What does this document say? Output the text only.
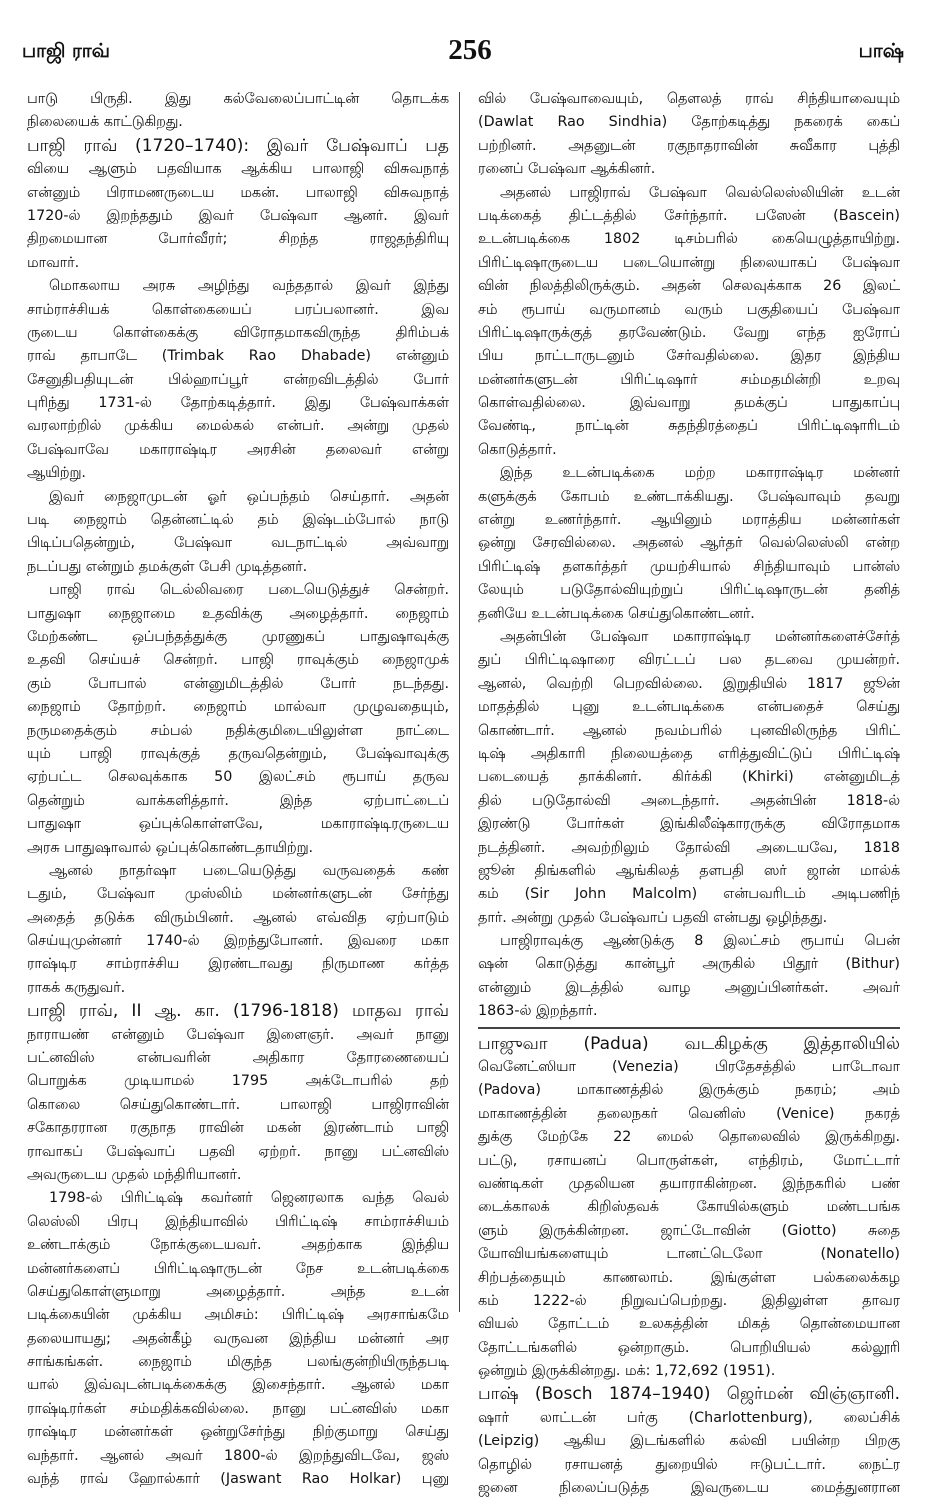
பாஜி ராவ்	256	பாஷ்
பாடு பிருதி. இது கல்வேலைப்பாட்டின் தொடக்க
நிலையைக் காட்டுகிறது.
பாஜி ராவ் (1720–1740): இவர் பேஷ்வாப் பத
வியை ஆளும் பதவியாக ஆக்கிய பாலாஜி விசுவநாத்
என்னும் பிராமணருடைய மகன். பாலாஜி விசுவநாத்
1720-ல் இறந்ததும் இவர் பேஷ்வா ஆனர். இவர்
திறமையான போர்வீரர்; சிறந்த ராஜதந்திரியு
மாவார்.
மொகலாய அரசு அழிந்து வந்ததால் இவர் இந்து
சாம்ராச்சியக் கொள்கையைப் பரப்பலானர். இவ
ருடைய கொள்கைக்கு விரோதமாகவிருந்த திரிம்பக்
ராவ் தாபாடே (Trimbak Rao Dhabade) என்னும்
சேனுதிபதியுடன் பில்ஹாப்பூர் என்றவிடத்தில் போர்
புரிந்து 1731-ல் தோற்கடித்தார். இது பேஷ்வாக்கள்
வரலாற்றில் முக்கிய மைல்கல் என்பர். அன்று முதல்
பேஷ்வாவே மகாராஷ்டிர அரசின் தலைவர் என்று
ஆயிற்று.
இவர் நைஜாமுடன் ஓர் ஒப்பந்தம் செய்தார். அதன்
படி நைஜாம் தென்னட்டில் தம் இஷ்டம்போல் நாடு
பிடிப்பதென்றும், பேஷ்வா வடநாட்டில் அவ்வாறு
நடப்பது என்றும் தமக்குள் பேசி முடித்தனர்.
பாஜி ராவ் டெல்லிவரை படையெடுத்துச் சென்றர்.
பாதுஷா நைஜாமை உதவிக்கு அழைத்தார். நைஜாம்
மேற்கண்ட ஒப்பந்தத்துக்கு முரணுகப் பாதுஷாவுக்கு
உதவி செய்யச் சென்றர். பாஜி ராவுக்கும் நைஜாமுக்
கும் போபால் என்னுமிடத்தில் போர் நடந்தது.
நைஜாம் தோற்றர். நைஜாம் மால்வா முழுவதையும்,
நருமதைக்கும் சம்பல் நதிக்குமிடையிலுள்ள நாட்டை
யும் பாஜி ராவுக்குத் தருவதென்றும், பேஷ்வாவுக்கு
ஏற்பட்ட செலவுக்காக 50 இலட்சம் ரூபாய் தருவ
தென்றும் வாக்களித்தார். இந்த ஏற்பாட்டைப்
பாதுஷா ஒப்புக்கொள்ளவே, மகாராஷ்டிரருடைய
அரசு பாதுஷாவால் ஒப்புக்கொண்டதாயிற்று.
ஆனல் நாதர்ஷா படையெடுத்து வருவதைக் கண்
டதும், பேஷ்வா முஸ்லிம் மன்னர்களுடன் சேர்ந்து
அதைத் தடுக்க விரும்பினர். ஆனல் எவ்வித ஏற்பாடும்
செய்யுமுன்னர் 1740-ல் இறந்துபோனர். இவரை மகா
ராஷ்டிர சாம்ராச்சிய இரண்டாவது நிருமாண கர்த்த
ராகக் கருதுவர்.
பாஜி ராவ், II ஆ. கா. (1796-1818) மாதவ ராவ்
நாராயண் என்னும் பேஷ்வா இளைஞர். அவர் நானு
பட்னவிஸ் என்பவரின் அதிகார தோரணையைப்
பொறுக்க முடியாமல் 1795 அக்டோபரில் தற்
கொலை செய்துகொண்டார். பாலாஜி பாஜிராவின்
சகோதரரான ரகுநாத ராவின் மகன் இரண்டாம் பாஜி
ராவாகப் பேஷ்வாப் பதவி ஏற்றர். நானு பட்னவிஸ்
அவருடைய முதல் மந்திரியானர்.
1798-ல் பிரிட்டிஷ் கவர்னர் ஜெனரலாக வந்த வெல்
லெஸ்லி பிரபு இந்தியாவில் பிரிட்டிஷ் சாம்ராச்சியம்
உண்டாக்கும் நோக்குடையவர். அதற்காக இந்திய
மன்னர்களைப் பிரிட்டிஷாருடன் நேச உடன்படிக்கை
செய்துகொள்ளுமாறு அழைத்தார். அந்த உடன்
படிக்கையின் முக்கிய அமிசம்: பிரிட்டிஷ் அரசாங்கமே
தலையாயது; அதன்கீழ் வருவன இந்திய மன்னர் அர
சாங்கங்கள். நைஜாம் மிகுந்த பலங்குன்றியிருந்தபடி
யால் இவ்வுடன்படிக்கைக்கு இசைந்தார். ஆனல் மகா
ராஷ்டிரர்கள் சம்மதிக்கவில்லை. நானு பட்னவிஸ் மகா
ராஷ்டிர மன்னர்கள் ஒன்றுசேர்ந்து நிற்குமாறு செய்து
வந்தார். ஆனல் அவர் 1800-ல் இறந்துவிடவே, ஜஸ்
வந்த் ராவ் ஹோல்கார் (Jaswant Rao Holkar) புனு
வில் பேஷ்வாவையும், தௌலத் ராவ் சிந்தியாவையும்
(Dawlat Rao Sindhia) தோற்கடித்து நகரைக் கைப்
பற்றினர். அதனுடன் ரகுநாதராவின் சுவீகார புத்தி
ரனைப் பேஷ்வா ஆக்கினர்.
அதனல் பாஜிராவ் பேஷ்வா வெல்லெஸ்லியின் உடன்
படிக்கைத் திட்டத்தில் சேர்ந்தார். பஸேன் (Bascein)
உடன்படிக்கை 1802 டிசம்பரில் கையெழுத்தாயிற்று.
பிரிட்டிஷாருடைய படையொன்று நிலையாகப் பேஷ்வா
வின் நிலத்திலிருக்கும். அதன் செலவுக்காக 26 இலட்
சம் ரூபாய் வருமானம் வரும் பகுதியைப் பேஷ்வா
பிரிட்டிஷாருக்குத் தரவேண்டும். வேறு எந்த ஐரோப்
பிய நாட்டாருடனும் சேர்வதில்லை. இதர இந்திய
மன்னர்களுடன் பிரிட்டிஷார் சம்மதமின்றி உறவு
கொள்வதில்லை. இவ்வாறு தமக்குப் பாதுகாப்பு
வேண்டி, நாட்டின் சுதந்திரத்தைப் பிரிட்டிஷாரிடம்
கொடுத்தார்.
இந்த உடன்படிக்கை மற்ற மகாராஷ்டிர மன்னர்
களுக்குக் கோபம் உண்டாக்கியது. பேஷ்வாவும் தவறு
என்று உணர்ந்தார். ஆயினும் மராத்திய மன்னர்கள்
ஒன்று சேரவில்லை. அதனல் ஆர்தர் வெல்லெஸ்லி என்ற
பிரிட்டிஷ் தளகர்த்தர் முயற்சியால் சிந்தியாவும் பான்ஸ்
லேயும் படுதோல்வியுற்றுப் பிரிட்டிஷாருடன் தனித்
தனியே உடன்படிக்கை செய்துகொண்டனர்.
அதன்பின் பேஷ்வா மகாராஷ்டிர மன்னர்களைச்சேர்த்
துப் பிரிட்டிஷாரை விரட்டப் பல தடவை முயன்றர்.
ஆனல், வெற்றி பெறவில்லை. இறுதியில் 1817 ஜூன்
மாதத்தில் புனு உடன்படிக்கை என்பதைச் செய்து
கொண்டார். ஆனல் நவம்பரில் புனவிலிருந்த பிரிட்
டிஷ் அதிகாரி நிலையத்தை எரித்துவிட்டுப் பிரிட்டிஷ்
படையைத் தாக்கினர். கிர்க்கி (Khirki) என்னுமிடத்
தில் படுதோல்வி அடைந்தார். அதன்பின் 1818-ல்
இரண்டு போர்கள் இங்கிலீஷ்காரருக்கு விரோதமாக
நடத்தினர். அவற்றிலும் தோல்வி அடையவே, 1818
ஜூன் திங்களில் ஆங்கிலத் தளபதி ஸர் ஜான் மால்க்
கம் (Sir John Malcolm) என்பவரிடம் அடிபணிந்
தார். அன்று முதல் பேஷ்வாப் பதவி என்பது ஒழிந்தது.
பாஜிராவுக்கு ஆண்டுக்கு 8 இலட்சம் ரூபாய் பென்
ஷன் கொடுத்து கான்பூர் அருகில் பிதூர் (Bithur)
என்னும் இடத்தில் வாழ அனுப்பினர்கள். அவர்
1863-ல் இறந்தார்.
பாஜுவா (Padua) வடகிழக்கு இத்தாலியில்
வெனேட்ஸியா (Venezia) பிரதேசத்தில் பாடோவா
(Padova) மாகாணத்தில் இருக்கும் நகரம்; அம்
மாகாணத்தின் தலைநகர் வெனிஸ் (Venice) நகரத்
துக்கு மேற்கே 22 மைல் தொலைவில் இருக்கிறது.
பட்டு, ரசாயனப் பொருள்கள், எந்திரம், மோட்டார்
வண்டிகள் முதலியன தயாராகின்றன. இந்நகரில் பண்
டைக்காலக் கிறிஸ்தவக் கோயில்களும் மண்டபங்க
ளும் இருக்கின்றன. ஜாட்டோவின் (Giotto) சுதை
யோவியங்களையும் டானட்டெலோ (Nonatello)
சிற்பத்தையும் காணலாம். இங்குள்ள பல்கலைக்கழ
கம் 1222-ல் நிறுவப்பெற்றது. இதிலுள்ள தாவர
வியல் தோட்டம் உலகத்தின் மிகத் தொன்மையான
தோட்டங்களில் ஒன்றாகும். பொறியியல் கல்லூரி
ஒன்றும் இருக்கின்றது. மக்: 1,72,692 (1951).
பாஷ் (Bosch 1874–1940) ஜெர்மன் விஞ்ஞானி.
ஷார் லாட்டன் பர்கு (Charlottenburg), லைப்சிக்
(Leipzig) ஆகிய இடங்களில் கல்வி பயின்ற பிறகு
தொழில் ரசாயனத் துறையில் ஈடுபட்டார். நைட்ர
ஜனை நிலைப்படுத்த இவருடைய மைத்துனரான
